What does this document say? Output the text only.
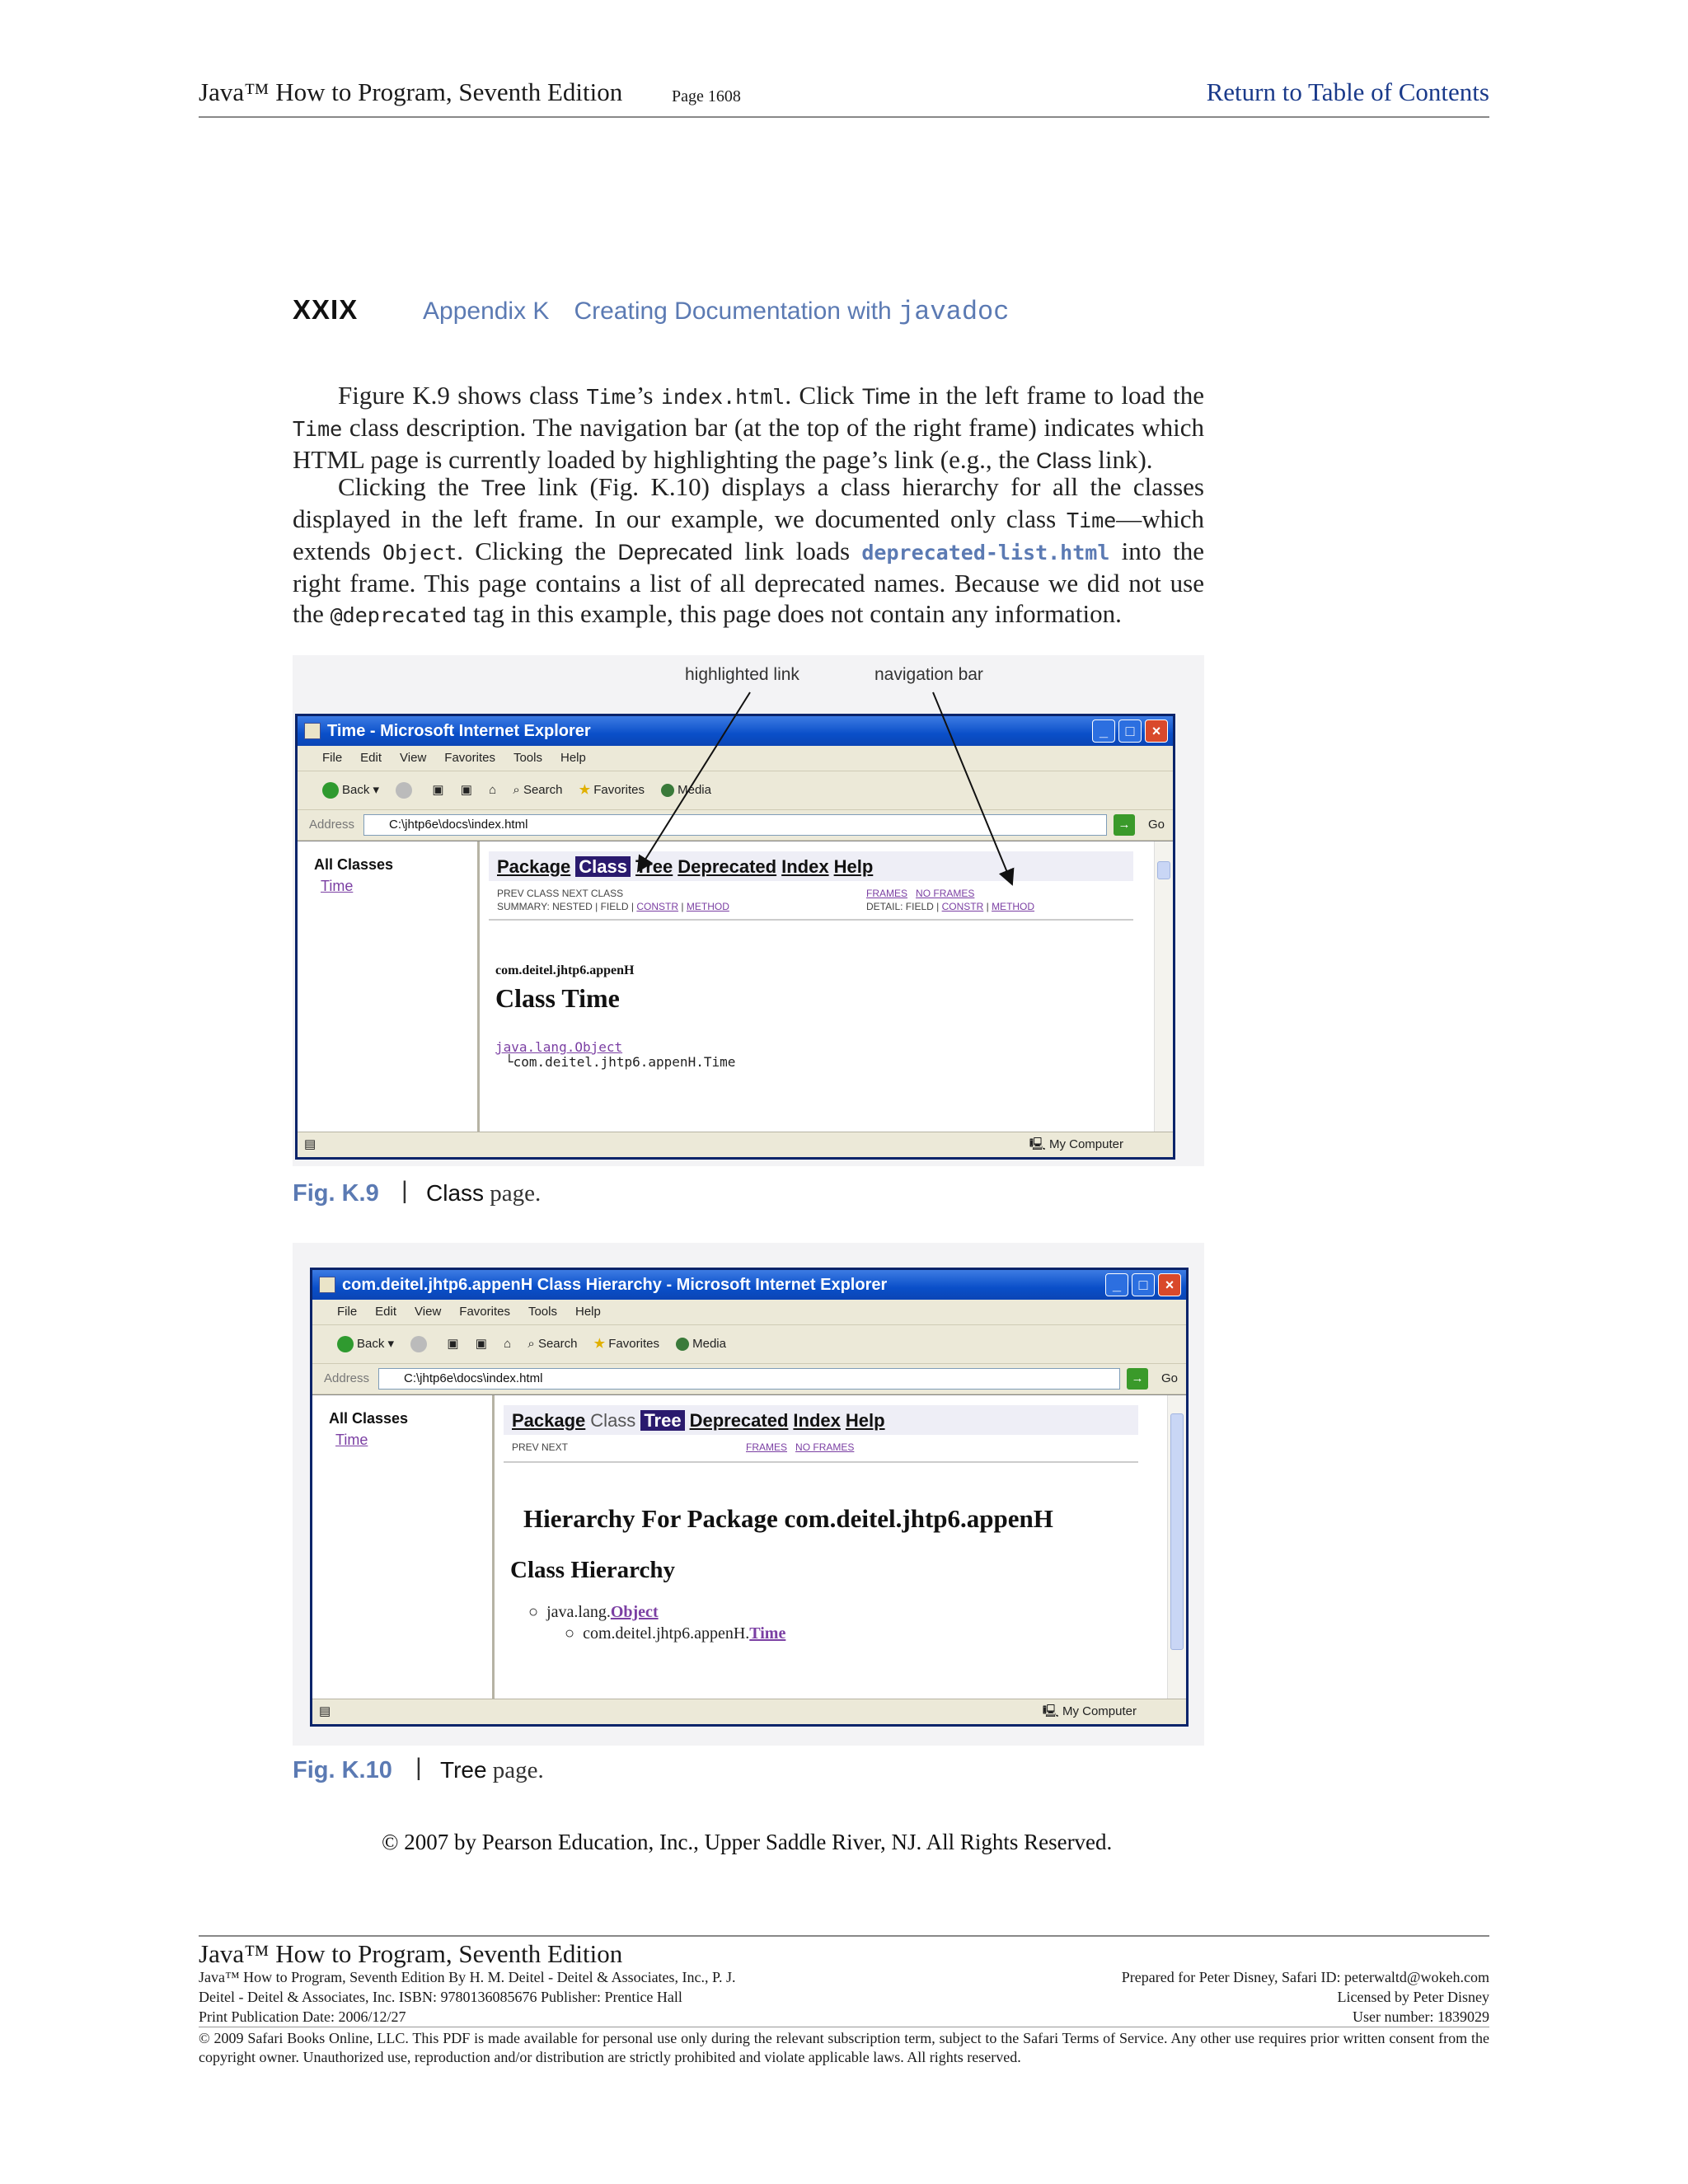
Java™ How to Program, Seventh Edition	Page 1608	Return to Table of Contents
XXIX	Appendix K Creating Documentation with javadoc
Figure K.9 shows class Time’s index.html. Click Time in the left frame to load the Time class description. The navigation bar (at the top of the right frame) indicates which HTML page is currently loaded by highlighting the page’s link (e.g., the Class link).
Clicking the Tree link (Fig. K.10) displays a class hierarchy for all the classes displayed in the left frame. In our example, we documented only class Time—which extends Object. Clicking the Deprecated link loads deprecated-list.html into the right frame. This page contains a list of all deprecated names. Because we did not use the @deprecated tag in this example, this page does not contain any information.
highlighted link	navigation bar
Time - Microsoft Internet Explorer	_	□	×
File Edit View Favorites Tools Help
Back ▾	▣ ▣ ⌂ ⌕ Search ★ Favorites	Media
Address	C:\jhtp6e\docs\index.html	→	Go
All Classes
Time
Package Class Tree Deprecated Index Help
PREV CLASS NEXT CLASS	FRAMES NO FRAMES
SUMMARY: NESTED | FIELD | CONSTR | METHOD	DETAIL: FIELD | CONSTR | METHOD
com.deitel.jhtp6.appenH
Class Time
java.lang.Object
└com.deitel.jhtp6.appenH.Time
▤	🖳 My Computer
Fig. K.9 | Class page.
com.deitel.jhtp6.appenH Class Hierarchy - Microsoft Internet Explorer	_	□	×
File Edit View Favorites Tools Help
Back ▾	▣ ▣ ⌂ ⌕ Search ★ Favorites	Media
Address	C:\jhtp6e\docs\index.html	→	Go
All Classes
Time
Package Class Tree Deprecated Index Help
PREV NEXT	FRAMES NO FRAMES
Hierarchy For Package com.deitel.jhtp6.appenH
Class Hierarchy
○  java.lang.Object
○  com.deitel.jhtp6.appenH.Time
▤	🖳 My Computer
Fig. K.10 | Tree page.
© 2007 by Pearson Education, Inc., Upper Saddle River, NJ. All Rights Reserved.
Java™ How to Program, Seventh Edition
Java™ How to Program, Seventh Edition By H. M. Deitel - Deitel & Associates, Inc., P. J.
Deitel - Deitel & Associates, Inc. ISBN: 9780136085676 Publisher: Prentice Hall
Print Publication Date: 2006/12/27
Prepared for Peter Disney, Safari ID: peterwaltd@wokeh.com
Licensed by Peter Disney
User number: 1839029
© 2009 Safari Books Online, LLC. This PDF is made available for personal use only during the relevant subscription term, subject to the Safari Terms of Service. Any other use requires prior written consent from the copyright owner. Unauthorized use, reproduction and/or distribution are strictly prohibited and violate applicable laws. All rights reserved.
